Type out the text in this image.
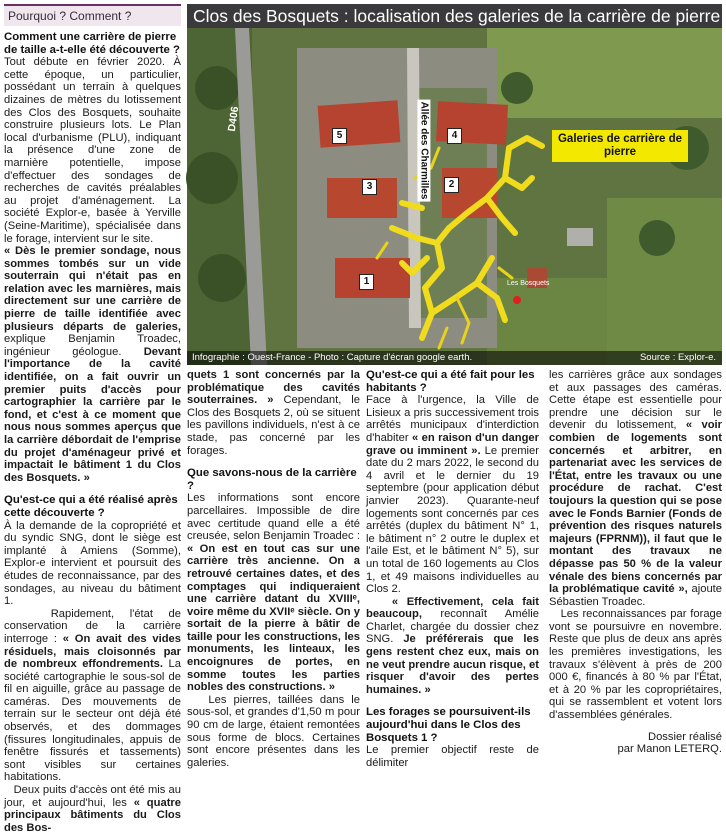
Pourquoi ? Comment ?

Comment une carrière de pierre de taille a-t-elle été découverte ?

Tout débute en février 2020. À cette époque, un particulier, possédant un terrain à quelques dizaines de mètres du lotissement des Clos des Bosquets, souhaite construire plusieurs lots. Le Plan local d'urbanisme (PLU), indiquant la présence d'une zone de marnière potentielle, impose d'effectuer des sondages de recherches de cavités préalables au projet d'aménagement. La société Explor-e, basée à Yerville (Seine-Maritime), spécialisée dans le forage, intervient sur le site.

« Dès le premier sondage, nous sommes tombés sur un vide souterrain qui n'était pas en relation avec les marnières, mais directement sur une carrière de pierre de taille identifiée avec plusieurs départs de galeries, explique Benjamin Troadec, ingénieur géologue. Devant l'importance de la cavité identifiée, on a fait ouvrir un premier puits d'accès pour cartographier la carrière par le fond, et c'est à ce moment que nous nous sommes aperçus que la carrière débordait de l'emprise du projet d'aménageur privé et impactait le bâtiment 1 du Clos des Bosquets. »

Qu'est-ce qui a été réalisé après cette découverte ?

À la demande de la copropriété et du syndic SNG, dont le siège est implanté à Amiens (Somme), Explor-e intervient et poursuit des études de reconnaissance, par des sondages, au niveau du bâtiment 1.

Rapidement, l'état de conservation de la carrière interroge : « On avait des vides résiduels, mais cloisonnés par de nombreux effondrements. La société cartographie le sous-sol de fil en aiguille, grâce au passage de caméras. Des mouvements de terrain sur le secteur ont déjà été observés, et des dommages (fissures longitudinales, appuis de fenêtre fissurés et tassements) sont visibles sur certaines habitations.

Deux puits d'accès ont été mis au jour, et aujourd'hui, les « quatre principaux bâtiments du Clos des Bos-

Clos des Bosquets : localisation des galeries de la carrière de pierre
D406	Allée des Charmilles
5	4
3	2
1
Galeries de carrière de pierre
Les Bosquets
Infographie : Ouest-France - Photo : Capture d'écran google earth.	Source : Explor-e.

quets 1 sont concernés par la problématique des cavités souterraines. » Cependant, le Clos des Bosquets 2, où se situent les pavillons individuels, n'est à ce stade, pas concerné par les forages.

Que savons-nous de la carrière ?

Les informations sont encore parcellaires. Impossible de dire avec certitude quand elle a été creusée, selon Benjamin Troadec : « On est en tout cas sur une carrière très ancienne. On a retrouvé certaines dates, et des comptages qui indiqueraient une carrière datant du XVIIIᵉ, voire même du XVIIᵉ siècle. On y sortait de la pierre à bâtir de taille pour les constructions, les monuments, les linteaux, les encoignures de portes, en somme toutes les parties nobles des constructions. »

Les pierres, taillées dans le sous-sol, et grandes d'1,50 m pour 90 cm de large, étaient remontées sous forme de blocs. Certaines sont encore présentes dans les galeries.

Qu'est-ce qui a été fait pour les habitants ?

Face à l'urgence, la Ville de Lisieux a pris successivement trois arrêtés municipaux d'interdiction d'habiter « en raison d'un danger grave ou imminent ». Le premier date du 2 mars 2022, le second du 4 avril et le dernier du 19 septembre (pour application début janvier 2023). Quarante-neuf logements sont concernés par ces arrêtés (duplex du bâtiment N° 1, le bâtiment n° 2 outre le duplex et l'aile Est, et le bâtiment N° 5), sur un total de 160 logements au Clos 1, et 49 maisons individuelles au Clos 2.

« Effectivement, cela fait beaucoup, reconnaît Amélie Charlet, chargée du dossier chez SNG. Je préférerais que les gens restent chez eux, mais on ne veut prendre aucun risque, et risquer d'avoir des pertes humaines. »

Les forages se poursuivent-ils aujourd'hui dans le Clos des Bosquets 1 ?

Le premier objectif reste de délimiter

les carrières grâce aux sondages et aux passages des caméras. Cette étape est essentielle pour prendre une décision sur le devenir du lotissement, « voir combien de logements sont concernés et arbitrer, en partenariat avec les services de l'État, entre les travaux ou une procédure de rachat. C'est toujours la question qui se pose avec le Fonds Barnier (Fonds de prévention des risques naturels majeurs (FPRNM)), il faut que le montant des travaux ne dépasse pas 50 % de la valeur vénale des biens concernés par la problématique cavité », ajoute Sébastien Troadec.

Les reconnaissances par forage vont se poursuivre en novembre. Reste que plus de deux ans après les premières investigations, les travaux s'élèvent à près de 200 000 €, financés à 80 % par l'État, et à 20 % par les copropriétaires, qui se rassemblent et votent lors d'assemblées générales.

Dossier réalisé
par Manon LETERQ.
